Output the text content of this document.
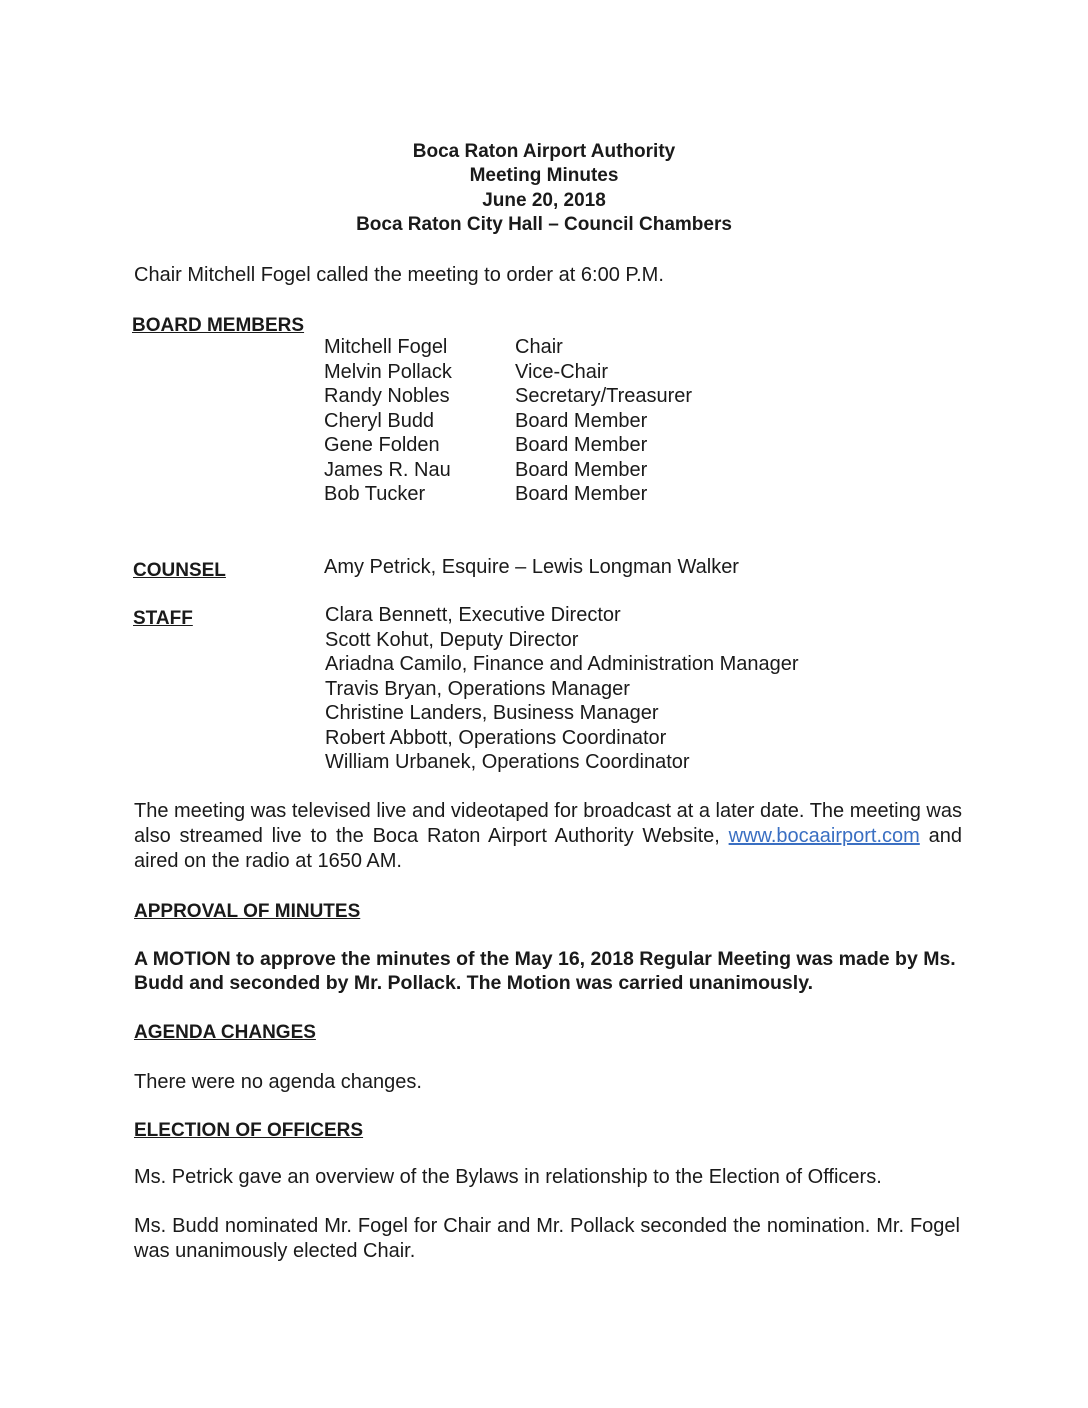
Boca Raton Airport Authority
Meeting Minutes
June 20, 2018
Boca Raton City Hall – Council Chambers
Chair Mitchell Fogel called the meeting to order at 6:00 P.M.
BOARD MEMBERS
Mitchell Fogel	Chair
Melvin Pollack	Vice-Chair
Randy Nobles	Secretary/Treasurer
Cheryl Budd	Board Member
Gene Folden	Board Member
James R. Nau	Board Member
Bob Tucker	Board Member
COUNSEL	Amy Petrick, Esquire – Lewis Longman Walker
STAFF	Clara Bennett, Executive Director
Scott Kohut, Deputy Director
Ariadna Camilo, Finance and Administration Manager
Travis Bryan, Operations Manager
Christine Landers, Business Manager
Robert Abbott, Operations Coordinator
William Urbanek, Operations Coordinator
The meeting was televised live and videotaped for broadcast at a later date. The meeting was also streamed live to the Boca Raton Airport Authority Website, www.bocaairport.com and aired on the radio at 1650 AM.
APPROVAL OF MINUTES
A MOTION to approve the minutes of the May 16, 2018 Regular Meeting was made by Ms. Budd and seconded by Mr. Pollack. The Motion was carried unanimously.
AGENDA CHANGES
There were no agenda changes.
ELECTION OF OFFICERS
Ms. Petrick gave an overview of the Bylaws in relationship to the Election of Officers.
Ms. Budd nominated Mr. Fogel for Chair and Mr. Pollack seconded the nomination. Mr. Fogel was unanimously elected Chair.
